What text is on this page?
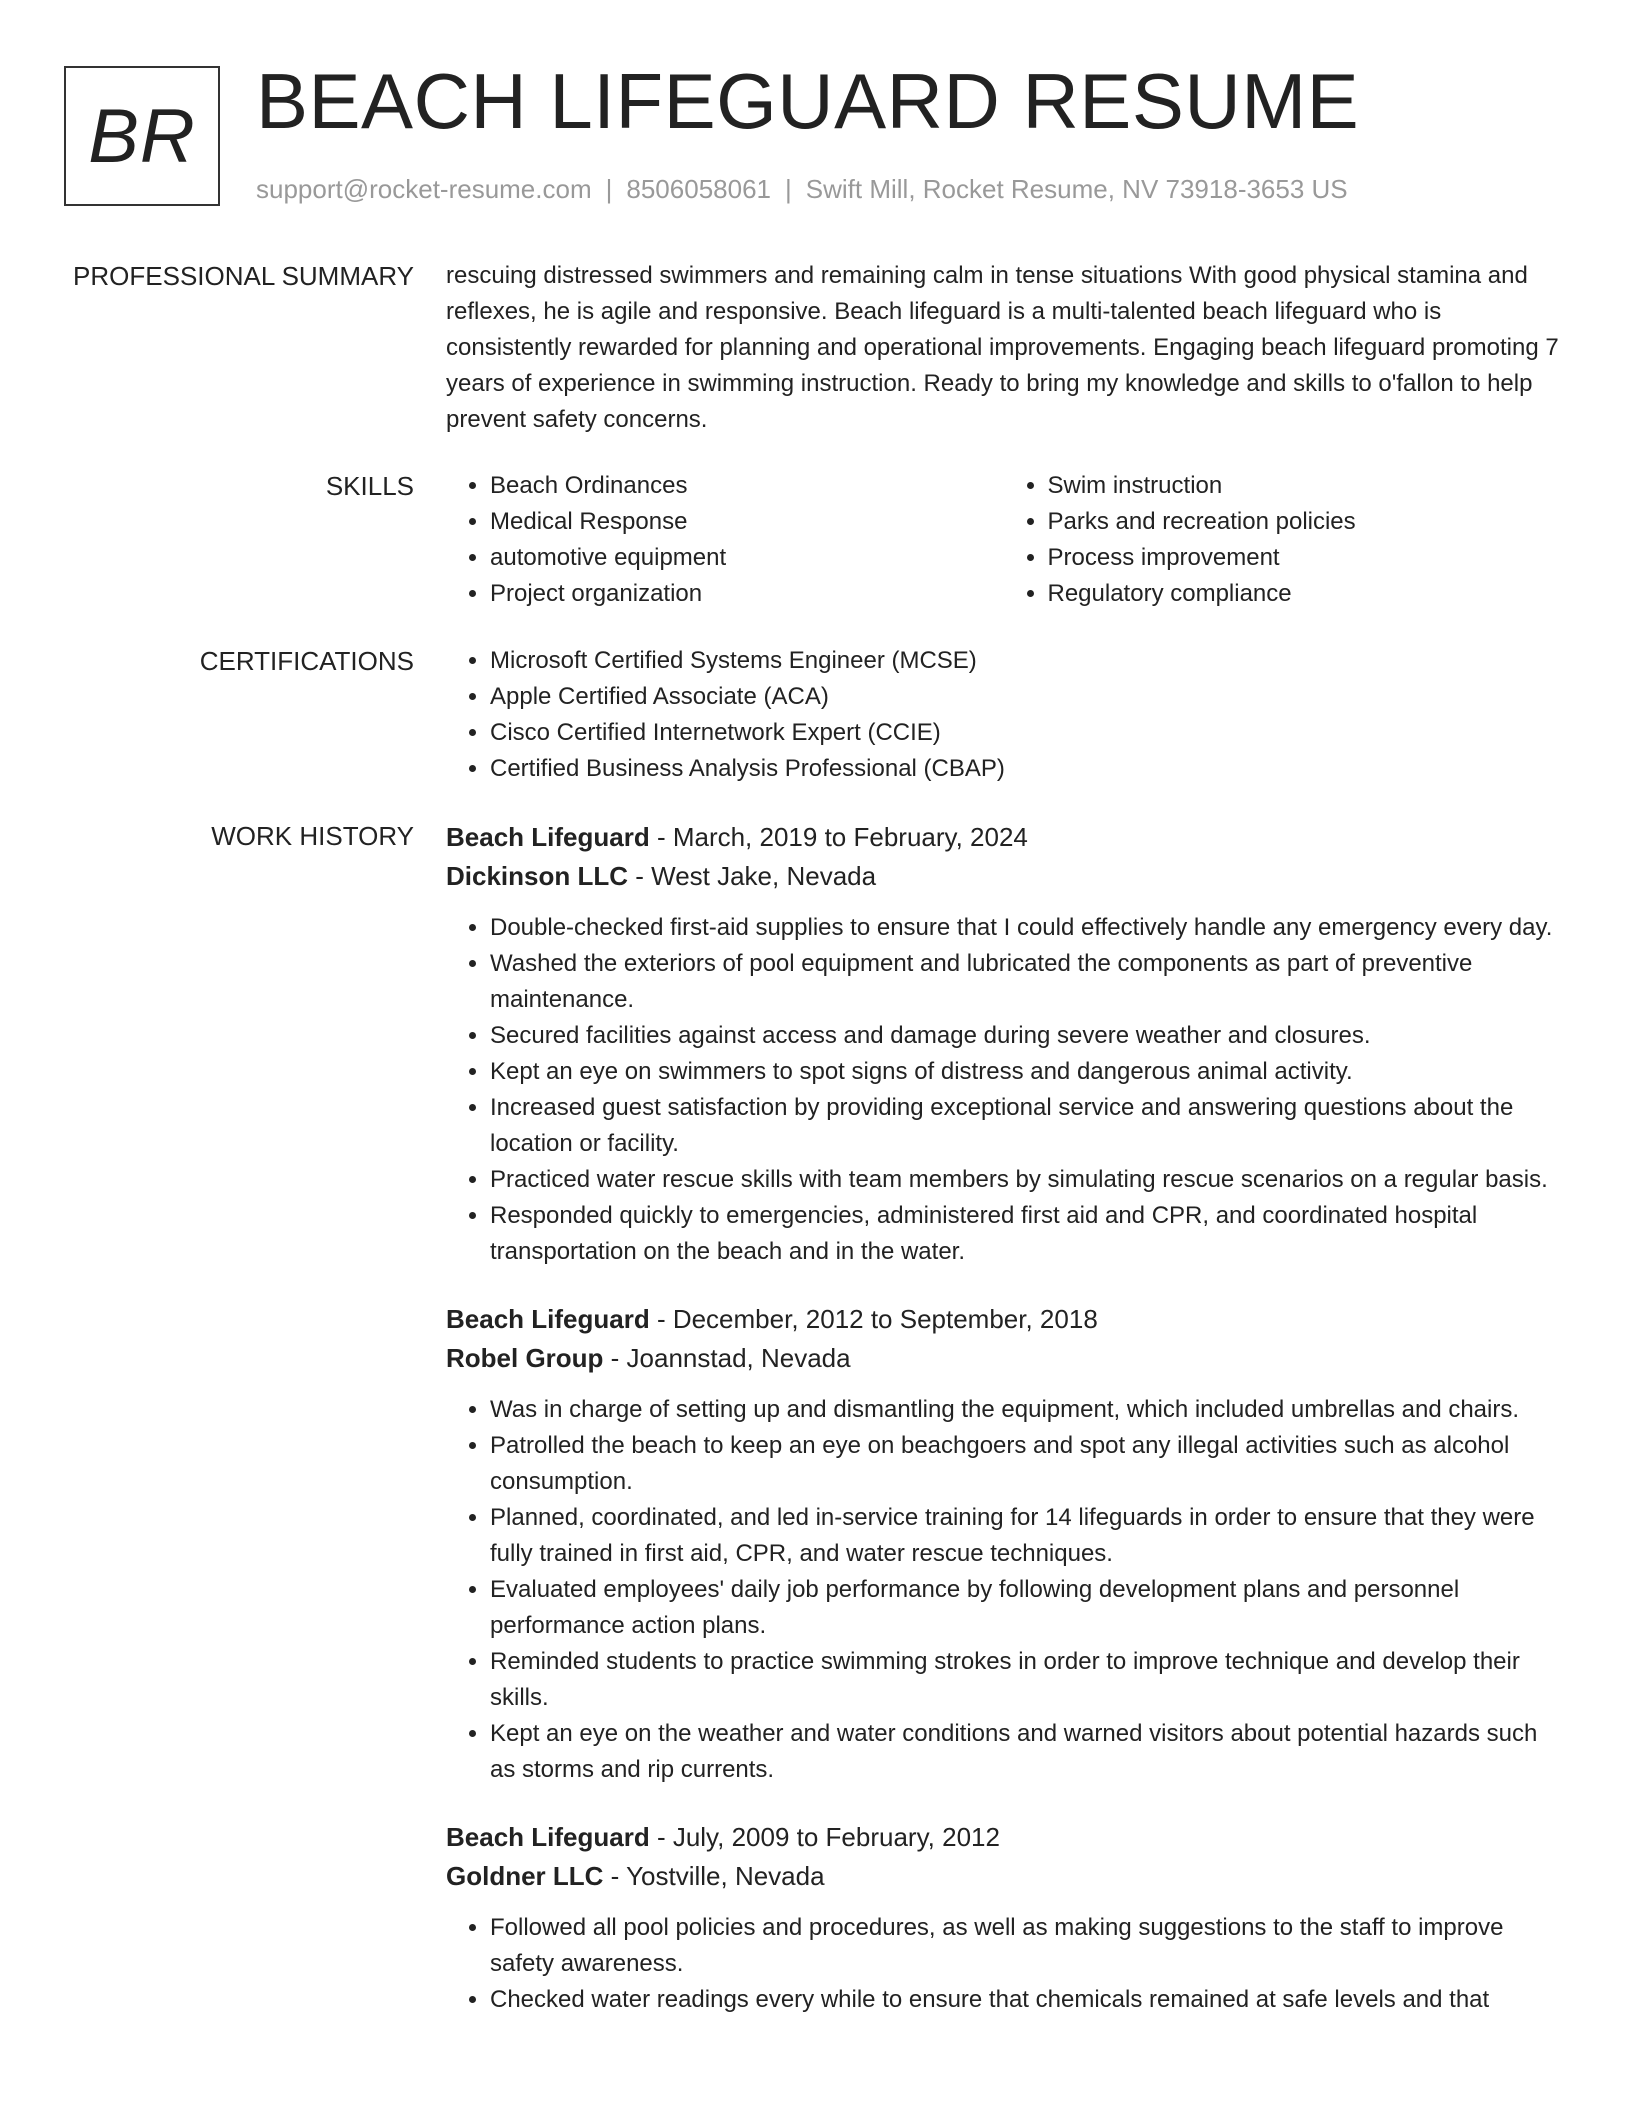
BR BEACH LIFEGUARD RESUME
support@rocket-resume.com | 8506058061 | Swift Mill, Rocket Resume, NV 73918-3653 US
PROFESSIONAL SUMMARY rescuing distressed swimmers and remaining calm in tense situations With good physical stamina and reflexes, he is agile and responsive. Beach lifeguard is a multi-talented beach lifeguard who is consistently rewarded for planning and operational improvements. Engaging beach lifeguard promoting 7 years of experience in swimming instruction. Ready to bring my knowledge and skills to o'fallon to help prevent safety concerns.

SKILLS	• Beach Ordinances
• Medical Response
• automotive equipment
• Project organization
• Swim instruction
• Parks and recreation policies
• Process improvement
• Regulatory compliance
CERTIFICATIONS	• Microsoft Certified Systems Engineer (MCSE)
• Apple Certified Associate (ACA)
• Cisco Certified Internetwork Expert (CCIE)
• Certified Business Analysis Professional (CBAP)
WORK HISTORY Beach Lifeguard - March, 2019 to February, 2024
Dickinson LLC - West Jake, Nevada
• Double-checked first-aid supplies to ensure that I could effectively handle any emergency every day.
• Washed the exteriors of pool equipment and lubricated the components as part of preventive maintenance.
• Secured facilities against access and damage during severe weather and closures.
• Kept an eye on swimmers to spot signs of distress and dangerous animal activity.
• Increased guest satisfaction by providing exceptional service and answering questions about the location or facility.
• Practiced water rescue skills with team members by simulating rescue scenarios on a regular basis.
• Responded quickly to emergencies, administered first aid and CPR, and coordinated hospital transportation on the beach and in the water.
Beach Lifeguard - December, 2012 to September, 2018
Robel Group - Joannstad, Nevada
• Was in charge of setting up and dismantling the equipment, which included umbrellas and chairs.
• Patrolled the beach to keep an eye on beachgoers and spot any illegal activities such as alcohol consumption.
• Planned, coordinated, and led in-service training for 14 lifeguards in order to ensure that they were fully trained in first aid, CPR, and water rescue techniques.
• Evaluated employees' daily job performance by following development plans and personnel performance action plans.
• Reminded students to practice swimming strokes in order to improve technique and develop their skills.
• Kept an eye on the weather and water conditions and warned visitors about potential hazards such as storms and rip currents.
Beach Lifeguard - July, 2009 to February, 2012
Goldner LLC - Yostville, Nevada
• Followed all pool policies and procedures, as well as making suggestions to the staff to improve safety awareness.
• Checked water readings every while to ensure that chemicals remained at safe levels and that
